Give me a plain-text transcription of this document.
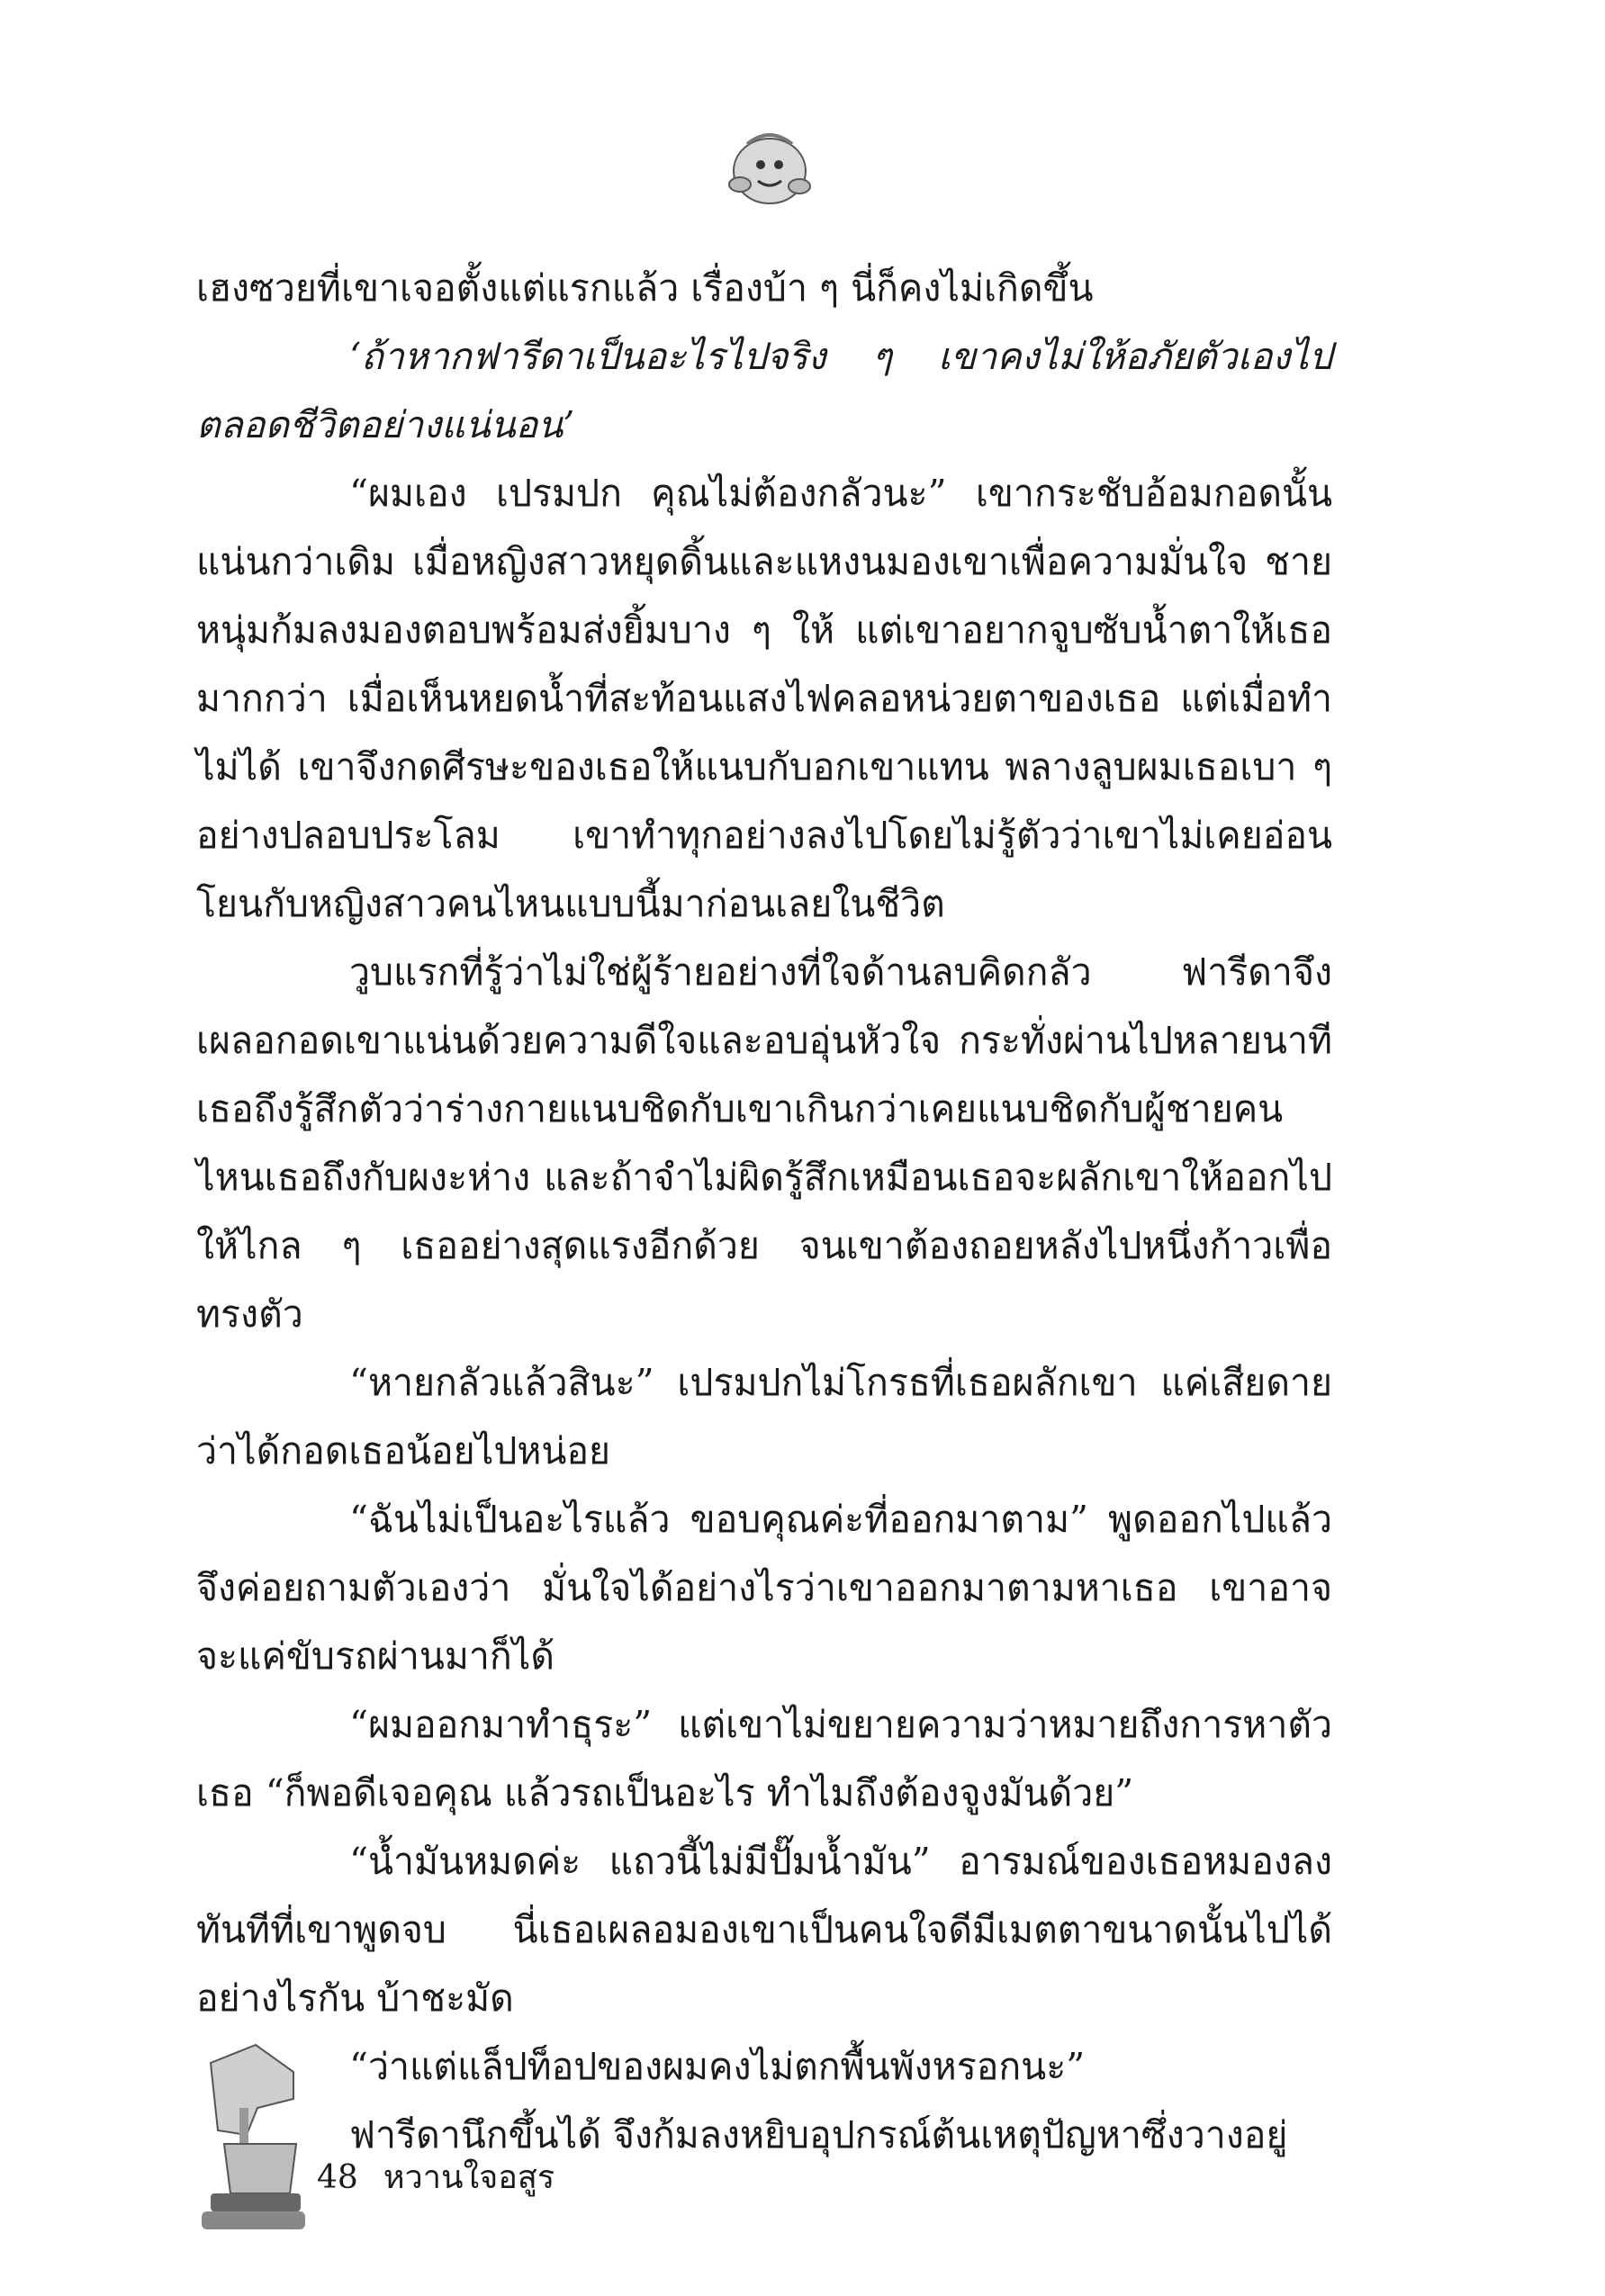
เฮงซวยที่เขาเจอตั้งแต่แรกแล้ว เรื่องบ้า ๆ นี่ก็คงไม่เกิดขึ้น

‘ถ้าหากฟารีดาเป็นอะไรไปจริง ๆ เขาคงไม่ให้อภัยตัวเองไปตลอดชีวิตอย่างแน่นอน’

“ผมเอง เปรมปก คุณไม่ต้องกลัวนะ” เขากระชับอ้อมกอดนั้นแน่นกว่าเดิม เมื่อหญิงสาวหยุดดิ้นและแหงนมองเขาเพื่อความมั่นใจ ชายหนุ่มก้มลงมองตอบพร้อมส่งยิ้มบาง ๆ ให้ แต่เขาอยากจูบซับน้ำตาให้เธอมากกว่า เมื่อเห็นหยดน้ำที่สะท้อนแสงไฟคลอหน่วยตาของเธอ แต่เมื่อทำไม่ได้ เขาจึงกดศีรษะของเธอให้แนบกับอกเขาแทน พลางลูบผมเธอเบา ๆ อย่างปลอบประโลม เขาทำทุกอย่างลงไปโดยไม่รู้ตัวว่าเขาไม่เคยอ่อนโยนกับหญิงสาวคนไหนแบบนี้มาก่อนเลยในชีวิต

วูบแรกที่รู้ว่าไม่ใช่ผู้ร้ายอย่างที่ใจด้านลบคิดกลัว ฟารีดาจึงเผลอกอดเขาแน่นด้วยความดีใจและอบอุ่นหัวใจ กระทั่งผ่านไปหลายนาทีเธอถึงรู้สึกตัวว่าร่างกายแนบชิดกับเขาเกินกว่าเคยแนบชิดกับผู้ชายคนไหนเธอถึงกับผงะห่าง และถ้าจำไม่ผิดรู้สึกเหมือนเธอจะผลักเขาให้ออกไปให้ไกล ๆ เธออย่างสุดแรงอีกด้วย จนเขาต้องถอยหลังไปหนึ่งก้าวเพื่อทรงตัว

“หายกลัวแล้วสินะ” เปรมปกไม่โกรธที่เธอผลักเขา แค่เสียดายว่าได้กอดเธอน้อยไปหน่อย

“ฉันไม่เป็นอะไรแล้ว ขอบคุณค่ะที่ออกมาตาม” พูดออกไปแล้วจึงค่อยถามตัวเองว่า มั่นใจได้อย่างไรว่าเขาออกมาตามหาเธอ เขาอาจจะแค่ขับรถผ่านมาก็ได้

“ผมออกมาทำธุระ” แต่เขาไม่ขยายความว่าหมายถึงการหาตัวเธอ “ก็พอดีเจอคุณ แล้วรถเป็นอะไร ทำไมถึงต้องจูงมันด้วย”

“น้ำมันหมดค่ะ แถวนี้ไม่มีปั๊มน้ำมัน” อารมณ์ของเธอหมองลงทันทีที่เขาพูดจบ นี่เธอเผลอมองเขาเป็นคนใจดีมีเมตตาขนาดนั้นไปได้อย่างไรกัน บ้าชะมัด

“ว่าแต่แล็ปท็อปของผมคงไม่ตกพื้นพังหรอกนะ”

ฟารีดานึกขึ้นได้ จึงก้มลงหยิบอุปกรณ์ต้นเหตุปัญหาซึ่งวางอยู่

48 หวานใจอสูร
